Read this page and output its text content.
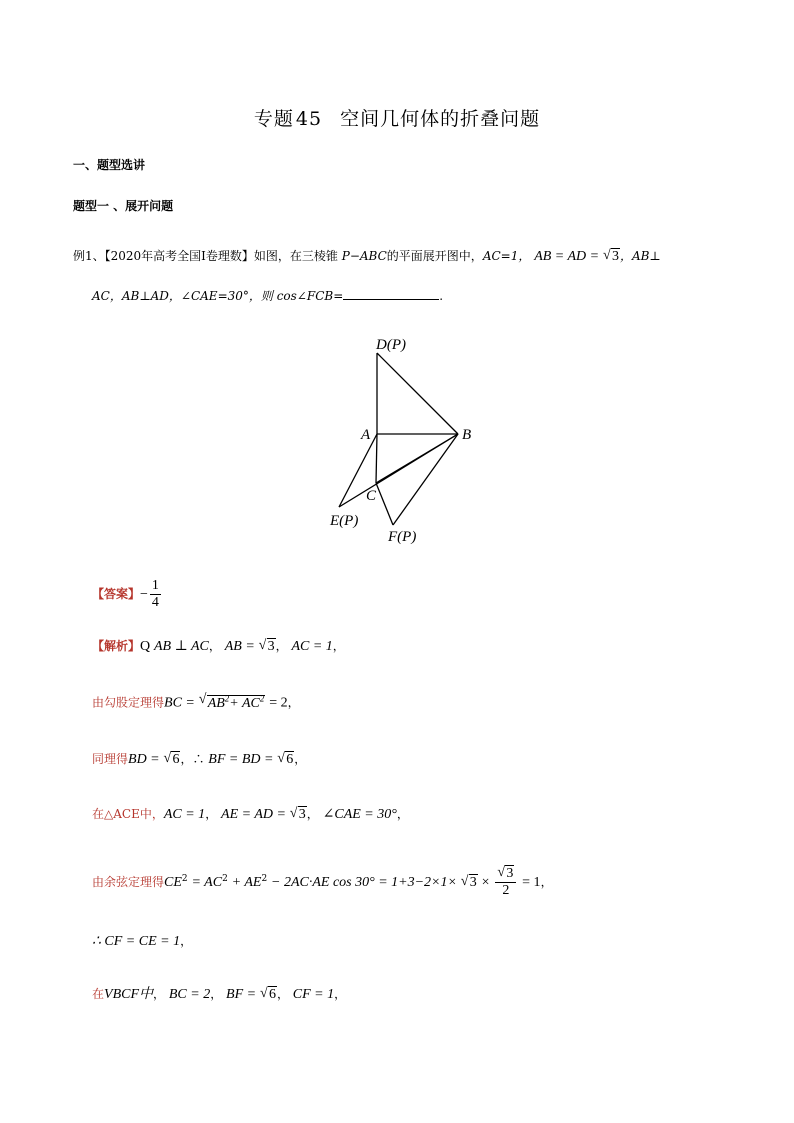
专题 45 空间几何体的折叠问题
一、题型选讲
题型一 、展开问题
例1、【2020年高考全国Ⅰ卷理数】如图，在三棱锥 P−ABC的平面展开图中，AC=1， AB = AD = √ 3，AB⊥
AC，AB⊥AD，∠CAE=30°，则 cos∠FCB=	.
D(P)
A	B
C
E(P)
F(P)
【答案】− $\frac{1}{4}$
【解析】Q AB ⊥ AC， AB = √ 3， AC = 1，
由勾股定理得BC = √ $AB^2+ AC^2 = 2$，
同理得BD = √ 6，∴ BF = BD = √ 6，
在△ACE中，AC = 1， AE = AD = √ 3， ∠CAE = 30°，
由余弦定理得$CE^2 = AC^2 + AE^2 - 2AC\cdot AE$ cos 30° = 1+3−2×1× √ $3 \times \frac{√ 3}{2} = 1$，
∴ CF = CE = 1，
在VBCF中， BC = 2， BF = √ 6， CF = 1，
